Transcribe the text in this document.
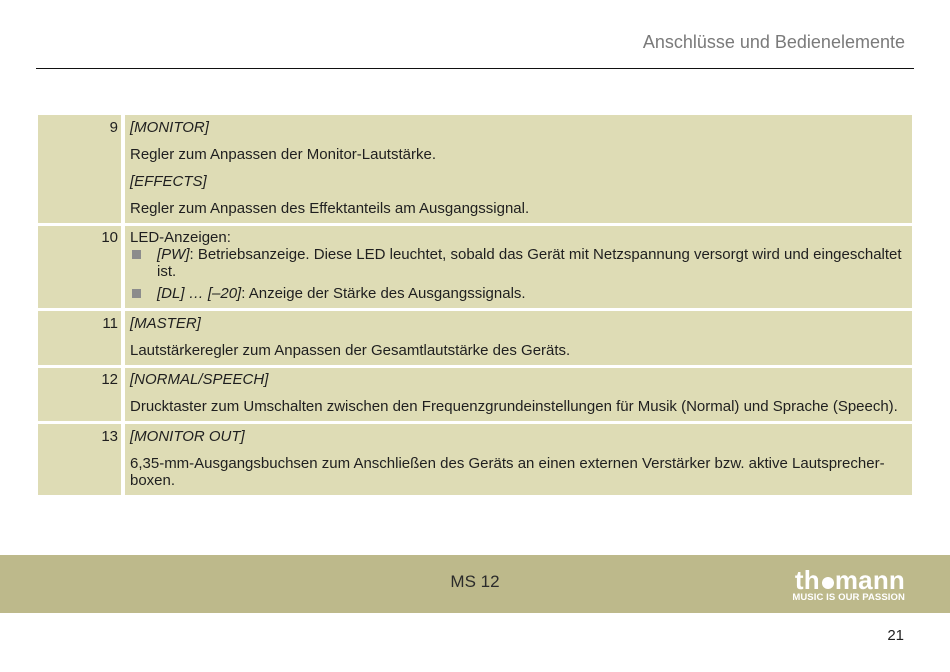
Anschlüsse und Bedienelemente
9 [MONITOR]
Regler zum Anpassen der Monitor-Lautstärke.
[EFFECTS]
Regler zum Anpassen des Effektanteils am Ausgangssignal.
10 LED-Anzeigen:
[PW]: Betriebsanzeige. Diese LED leuchtet, sobald das Gerät mit Netzspannung versorgt wird und eingeschaltet
ist.
[DL] … [–20]: Anzeige der Stärke des Ausgangssignals.
11 [MASTER]
Lautstärkeregler zum Anpassen der Gesamtlautstärke des Geräts.
12 [NORMAL/SPEECH]
Drucktaster zum Umschalten zwischen den Frequenzgrundeinstellungen für Musik (Normal) und Sprache (Speech).
13 [MONITOR OUT]
6,35-mm-Ausgangsbuchsen zum Anschließen des Geräts an einen externen Verstärker bzw. aktive Lautsprecher-
boxen.
MS 12	th mann
MUSIC IS OUR PASSION
21
